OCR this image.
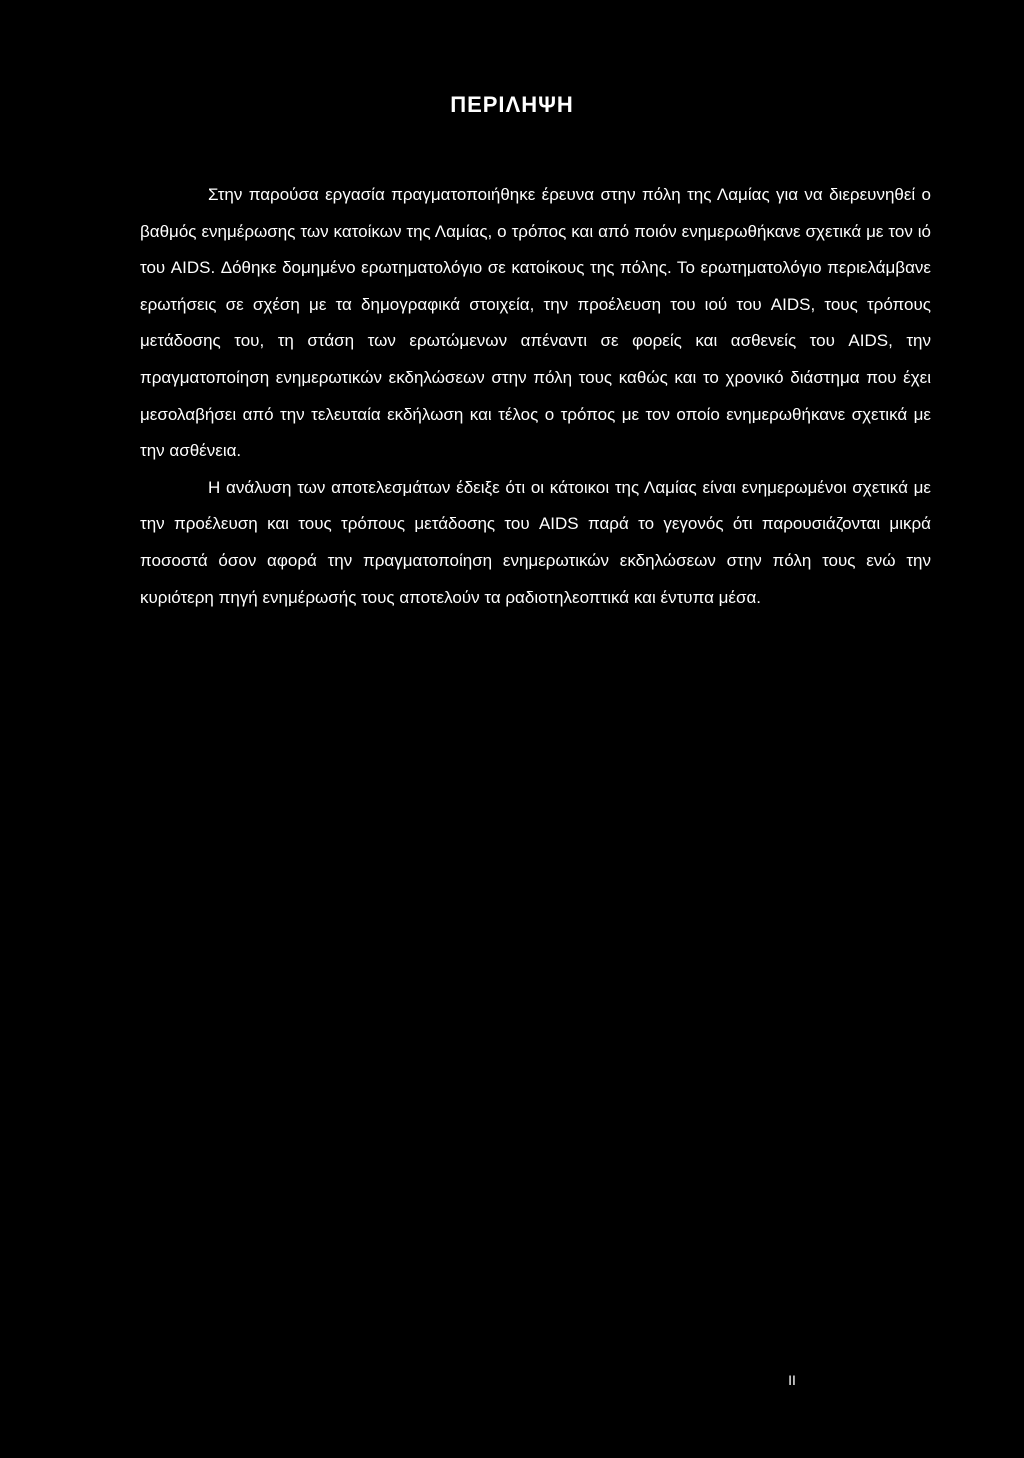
ΠΕΡΙΛΗΨΗ

Στην παρούσα εργασία πραγματοποιήθηκε έρευνα στην πόλη της Λαμίας για να διερευνηθεί ο βαθμός ενημέρωσης των κατοίκων της Λαμίας, ο τρόπος και από ποιόν ενημερωθήκανε σχετικά με τον ιό του AIDS. Δόθηκε δομημένο ερωτηματολόγιο σε κατοίκους της πόλης. Το ερωτηματολόγιο περιελάμβανε ερωτήσεις σε σχέση με τα δημογραφικά στοιχεία, την προέλευση του ιού του AIDS, τους τρόπους μετάδοσης του, τη στάση των ερωτώμενων απέναντι σε φορείς και ασθενείς του AIDS, την πραγματοποίηση ενημερωτικών εκδηλώσεων στην πόλη τους καθώς και το χρονικό διάστημα που έχει μεσολαβήσει από την τελευταία εκδήλωση και τέλος ο τρόπος με τον οποίο ενημερωθήκανε σχετικά με την ασθένεια.

Η ανάλυση των αποτελεσμάτων έδειξε ότι οι κάτοικοι της Λαμίας είναι ενημερωμένοι σχετικά με την προέλευση και τους τρόπους μετάδοσης του AIDS παρά το γεγονός ότι παρουσιάζονται μικρά ποσοστά όσον αφορά την πραγματοποίηση ενημερωτικών εκδηλώσεων στην πόλη τους ενώ την κυριότερη πηγή ενημέρωσής τους αποτελούν τα ραδιοτηλεοπτικά και έντυπα μέσα.

II
